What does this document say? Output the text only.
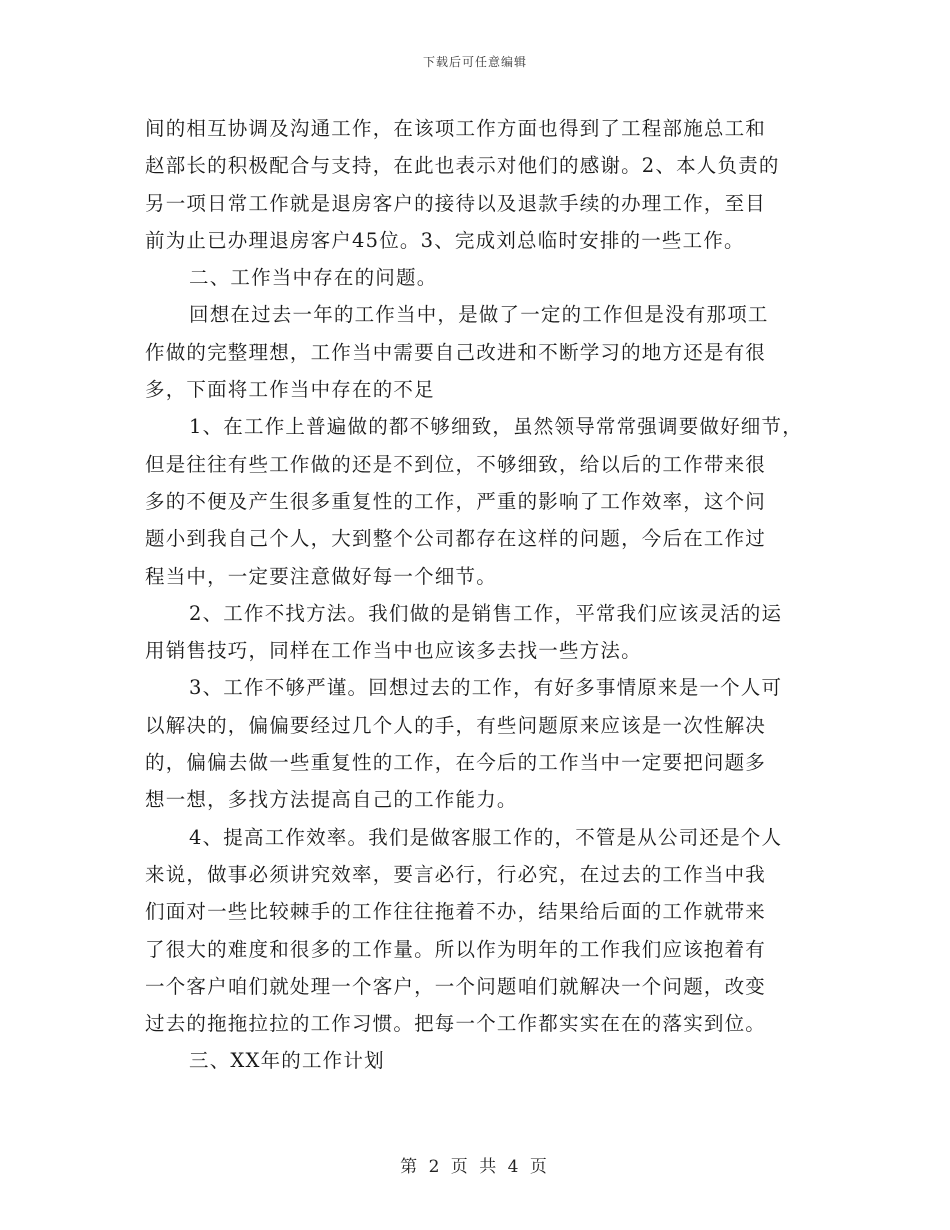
下载后可任意编辑
间的相互协调及沟通工作，在该项工作方面也得到了工程部施总工和
赵部长的积极配合与支持，在此也表示对他们的感谢。2、本人负责的
另一项日常工作就是退房客户的接待以及退款手续的办理工作，至目
前为止已办理退房客户45位。3、完成刘总临时安排的一些工作。
二、工作当中存在的问题。
回想在过去一年的工作当中，是做了一定的工作但是没有那项工
作做的完整理想，工作当中需要自己改进和不断学习的地方还是有很
多，下面将工作当中存在的不足
1、在工作上普遍做的都不够细致，虽然领导常常强调要做好细节，
但是往往有些工作做的还是不到位，不够细致，给以后的工作带来很
多的不便及产生很多重复性的工作，严重的影响了工作效率，这个问
题小到我自己个人，大到整个公司都存在这样的问题，今后在工作过
程当中，一定要注意做好每一个细节。
2、工作不找方法。我们做的是销售工作，平常我们应该灵活的运
用销售技巧，同样在工作当中也应该多去找一些方法。
3、工作不够严谨。回想过去的工作，有好多事情原来是一个人可
以解决的，偏偏要经过几个人的手，有些问题原来应该是一次性解决
的，偏偏去做一些重复性的工作，在今后的工作当中一定要把问题多
想一想，多找方法提高自己的工作能力。
4、提高工作效率。我们是做客服工作的，不管是从公司还是个人
来说，做事必须讲究效率，要言必行，行必究，在过去的工作当中我
们面对一些比较棘手的工作往往拖着不办，结果给后面的工作就带来
了很大的难度和很多的工作量。所以作为明年的工作我们应该抱着有
一个客户咱们就处理一个客户，一个问题咱们就解决一个问题，改变
过去的拖拖拉拉的工作习惯。把每一个工作都实实在在的落实到位。
三、XX年的工作计划
第 2 页 共 4 页
